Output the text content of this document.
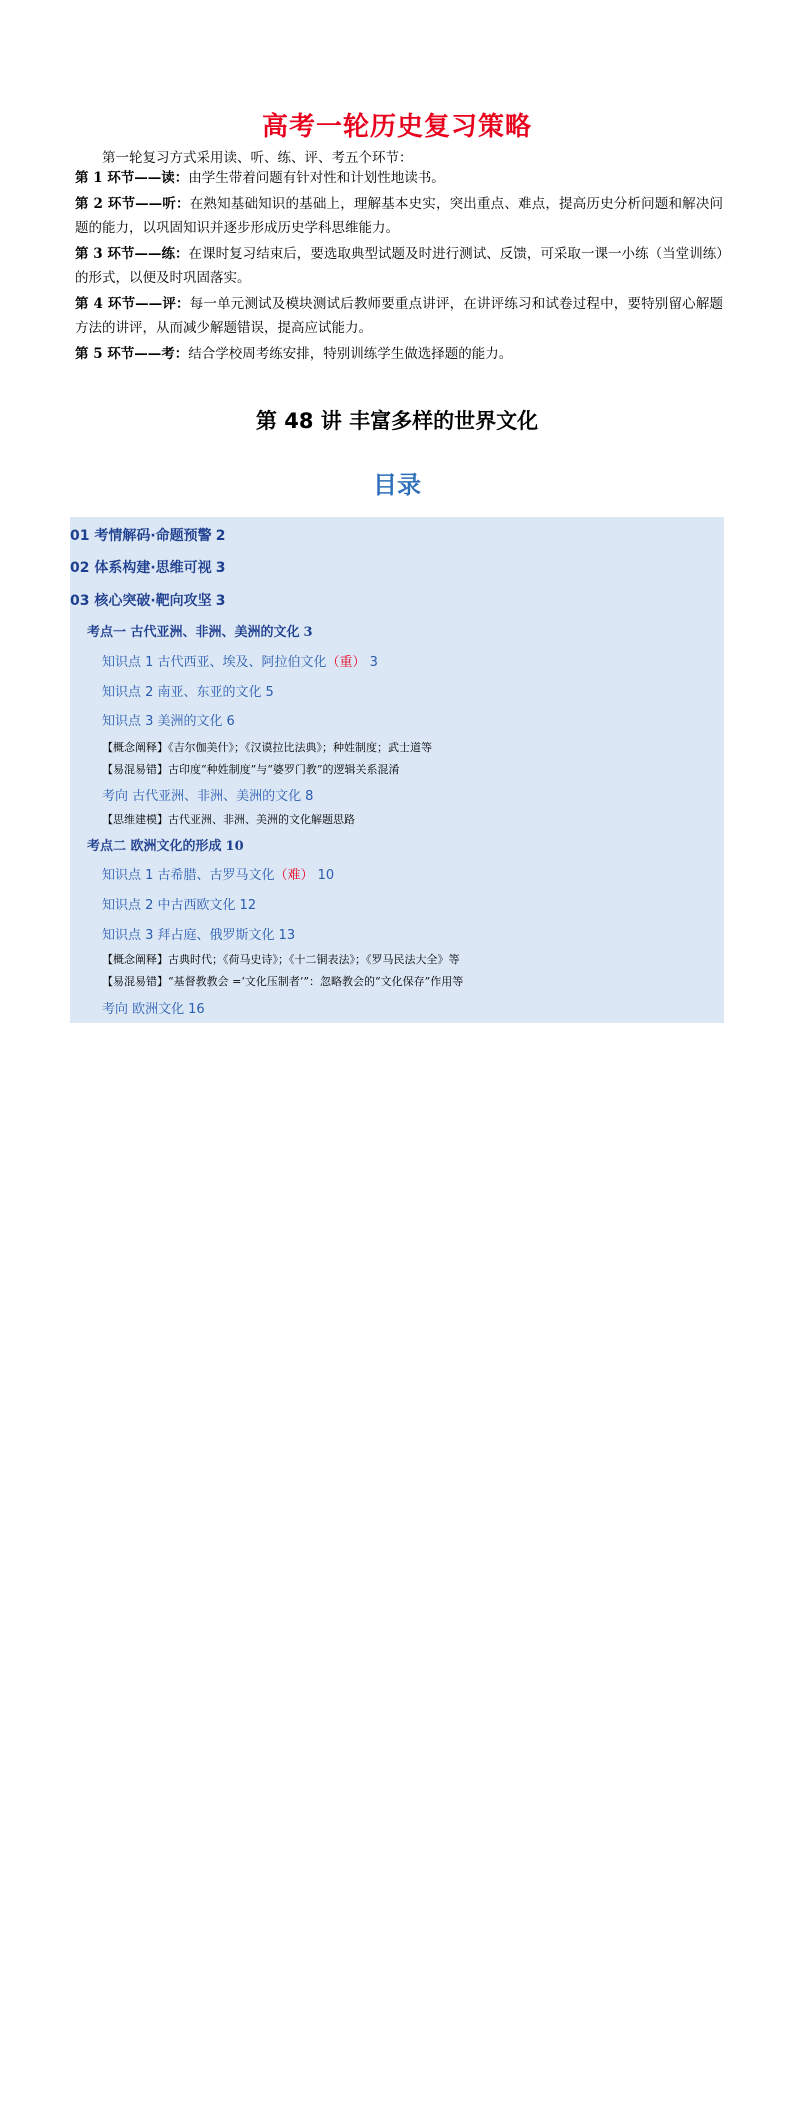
高考一轮历史复习策略
第一轮复习方式采用读、听、练、评、考五个环节：

第 1 环节——读：由学生带着问题有针对性和计划性地读书。

第 2 环节——听：在熟知基础知识的基础上，理解基本史实，突出重点、难点，提高历史分析问题和解决问题的能力，以巩固知识并逐步形成历史学科思维能力。

第 3 环节——练：在课时复习结束后，要选取典型试题及时进行测试、反馈，可采取一课一小练（当堂训练）的形式，以便及时巩固落实。

第 4 环节——评：每一单元测试及模块测试后教师要重点讲评，在讲评练习和试卷过程中，要特别留心解题方法的讲评，从而减少解题错误，提高应试能力。

第 5 环节——考：结合学校周考练安排，特别训练学生做选择题的能力。

第 48 讲 丰富多样的世界文化
目录
01 考情解码·命题预警 2
02 体系构建·思维可视 3
03 核心突破·靶向攻坚 3
考点一 古代亚洲、非洲、美洲的文化 3
知识点 1 古代西亚、埃及、阿拉伯文化 （重） 3
知识点 2 南亚、东亚的文化 5
知识点 3 美洲的文化 6
【概念阐释】《吉尔伽美什》；《汉谟拉比法典》；种姓制度；武士道等
【易混易错】古印度“种姓制度”与“婆罗门教”的逻辑关系混淆
考向 古代亚洲、非洲、美洲的文化 8
【思维建模】古代亚洲、非洲、美洲的文化解题思路
考点二 欧洲文化的形成 10
知识点 1 古希腊、古罗马文化 （难） 10
知识点 2 中古西欧文化 12
知识点 3 拜占庭、俄罗斯文化 13
【概念阐释】古典时代；《荷马史诗》；《十二铜表法》；《罗马民法大全》等
【易混易错】“基督教教会 =‘文化压制者’”：忽略教会的“文化保存”作用等
考向 欧洲文化 16
